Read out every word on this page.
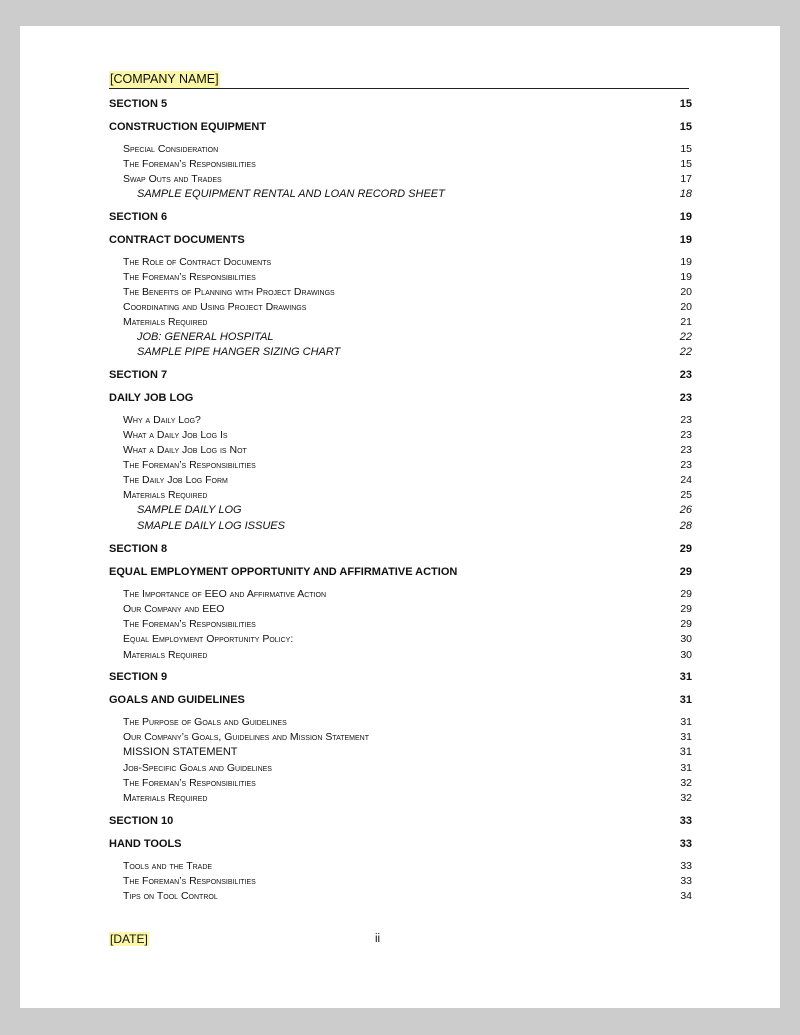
[COMPANY NAME]
SECTION 5	15
CONSTRUCTION EQUIPMENT	15
Special Consideration	15
The Foreman’s Responsibilities	15
Swap Outs and Trades	17
SAMPLE EQUIPMENT RENTAL AND LOAN RECORD SHEET	18
SECTION 6	19
CONTRACT DOCUMENTS	19
The Role of Contract Documents	19
The Foreman’s Responsibilities	19
The Benefits of Planning with Project Drawings	20
Coordinating and Using Project Drawings	20
Materials Required	21
JOB: GENERAL HOSPITAL	22
SAMPLE PIPE HANGER SIZING CHART	22
SECTION 7	23
DAILY JOB LOG	23
Why a Daily Log?	23
What a Daily Job Log Is	23
What a Daily Job Log is Not	23
The Foreman’s Responsibilities	23
The Daily Job Log Form	24
Materials Required	25
SAMPLE DAILY LOG	26
SMAPLE DAILY LOG ISSUES	28
SECTION 8	29
EQUAL EMPLOYMENT OPPORTUNITY AND AFFIRMATIVE ACTION	29
The Importance of EEO and Affirmative Action	29
Our Company and EEO	29
The Foreman’s Responsibilities	29
Equal Employment Opportunity Policy:	30
Materials Required	30
SECTION 9	31
GOALS AND GUIDELINES	31
The Purpose of Goals and Guidelines	31
Our Company’s Goals, Guidelines and Mission Statement	31
MISSION STATEMENT	31
Job-Specific Goals and Guidelines	31
The Foreman’s Responsibilities	32
Materials Required	32
SECTION 10	33
HAND TOOLS	33
Tools and the Trade	33
The Foreman’s Responsibilities	33
Tips on Tool Control	34
[DATE]	ii
